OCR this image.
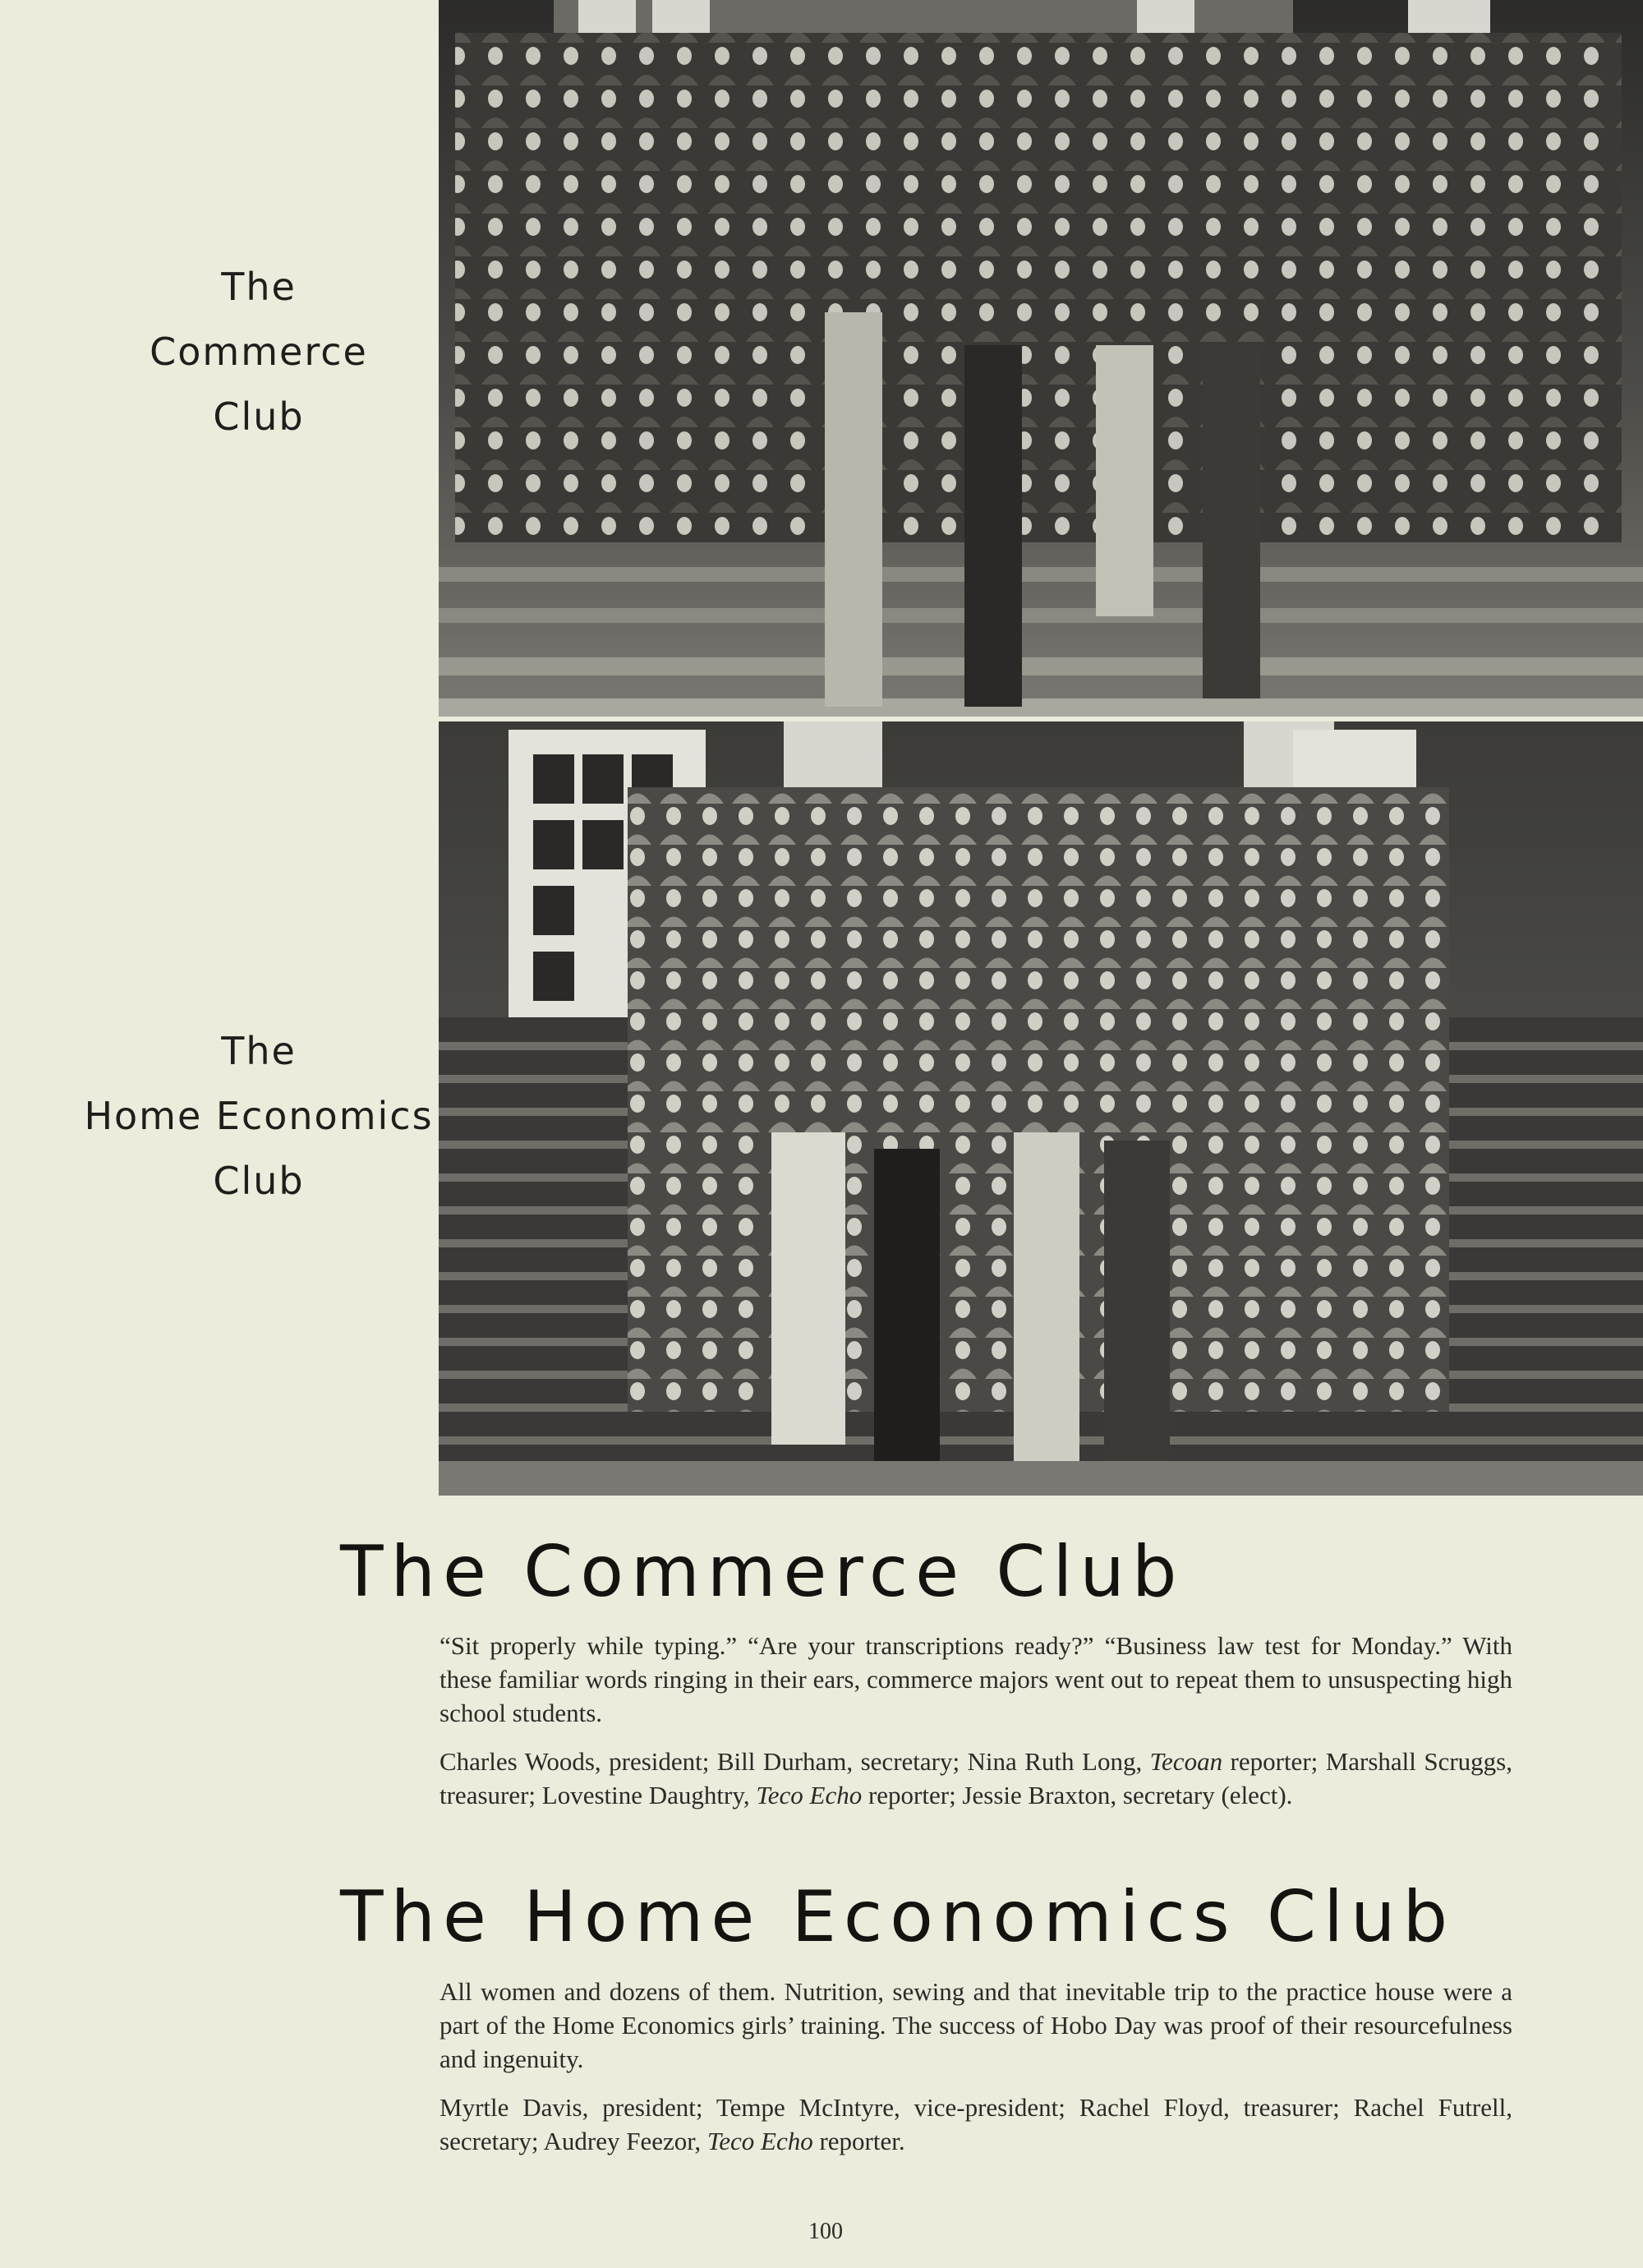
The
Commerce
Club
The
Home Economics
Club
The Commerce Club

“Sit properly while typing.” “Are your transcriptions ready?” “Business law test for Monday.” With these familiar words ringing in their ears, commerce majors went out to repeat them to unsuspecting high school students.

Charles Woods, president; Bill Durham, secretary; Nina Ruth Long, Tecoan reporter; Marshall Scruggs, treasurer; Lovestine Daughtry, Teco Echo reporter; Jessie Braxton, secretary (elect).

The Home Economics Club

All women and dozens of them. Nutrition, sewing and that inevitable trip to the practice house were a part of the Home Economics girls’ training. The success of Hobo Day was proof of their resourcefulness and ingenuity.

Myrtle Davis, president; Tempe McIntyre, vice-president; Rachel Floyd, treasurer; Rachel Futrell, secretary; Audrey Feezor, Teco Echo reporter.

100
